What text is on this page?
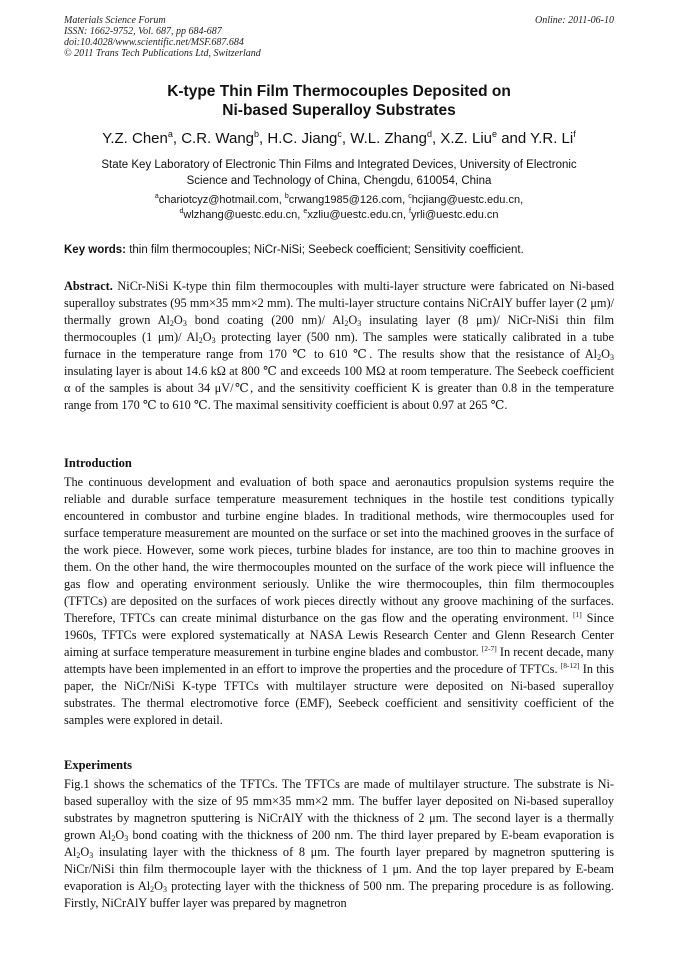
Materials Science Forum
ISSN: 1662-9752, Vol. 687, pp 684-687
doi:10.4028/www.scientific.net/MSF.687.684
© 2011 Trans Tech Publications Ltd, Switzerland
Online: 2011-06-10
K-type Thin Film Thermocouples Deposited on
Ni-based Superalloy Substrates
Y.Z. Chen$^a$, C.R. Wang$^b$, H.C. Jiang$^c$, W.L. Zhang$^d$, X.Z. Liu$^e$ and Y.R. Li$^f$
State Key Laboratory of Electronic Thin Films and Integrated Devices, University of Electronic
Science and Technology of China, Chengdu, 610054, China
$^a$chariotcyz@hotmail.com, $^b$crwang1985@126.com, $^c$hcjiang@uestc.edu.cn,
$^d$wlzhang@uestc.edu.cn, $^e$xzliu@uestc.edu.cn, $^f$yrli@uestc.edu.cn
Key words: thin film thermocouples; NiCr-NiSi; Seebeck coefficient; Sensitivity coefficient.
Abstract. NiCr-NiSi K-type thin film thermocouples with multi-layer structure were fabricated on Ni-based superalloy substrates (95 mm×35 mm×2 mm). The multi-layer structure contains NiCrAlY buffer layer (2 μm)/ thermally grown $Al_2O_3$ bond coating (200 nm)/ $Al_2O_3$ insulating layer (8 μm)/ NiCr-NiSi thin film thermocouples (1 μm)/ $Al_2O_3$ protecting layer (500 nm). The samples were statically calibrated in a tube furnace in the temperature range from 170 ℃ to 610 ℃. The results show that the resistance of $Al_2O_3$ insulating layer is about 14.6 kΩ at 800 ℃ and exceeds 100 MΩ at room temperature. The Seebeck coefficient α of the samples is about 34 μV/℃, and the sensitivity coefficient K is greater than 0.8 in the temperature range from 170 ℃ to 610 ℃. The maximal sensitivity coefficient is about 0.97 at 265 ℃.
Introduction
The continuous development and evaluation of both space and aeronautics propulsion systems require the reliable and durable surface temperature measurement techniques in the hostile test conditions typically encountered in combustor and turbine engine blades. In traditional methods, wire thermocouples used for surface temperature measurement are mounted on the surface or set into the machined grooves in the surface of the work piece. However, some work pieces, turbine blades for instance, are too thin to machine grooves in them. On the other hand, the wire thermocouples mounted on the surface of the work piece will influence the gas flow and operating environment seriously. Unlike the wire thermocouples, thin film thermocouples (TFTCs) are deposited on the surfaces of work pieces directly without any groove machining of the surfaces. Therefore, TFTCs can create minimal disturbance on the gas flow and the operating environment. [1] Since 1960s, TFTCs were explored systematically at NASA Lewis Research Center and Glenn Research Center aiming at surface temperature measurement in turbine engine blades and combustor. [2-7] In recent decade, many attempts have been implemented in an effort to improve the properties and the procedure of TFTCs. [8-12] In this paper, the NiCr/NiSi K-type TFTCs with multilayer structure were deposited on Ni-based superalloy substrates. The thermal electromotive force (EMF), Seebeck coefficient and sensitivity coefficient of the samples were explored in detail.
Experiments
Fig.1 shows the schematics of the TFTCs. The TFTCs are made of multilayer structure. The substrate is Ni-based superalloy with the size of 95 mm×35 mm×2 mm. The buffer layer deposited on Ni-based superalloy substrates by magnetron sputtering is NiCrAlY with the thickness of 2 μm. The second layer is a thermally grown $Al_2O_3$ bond coating with the thickness of 200 nm. The third layer prepared by E-beam evaporation is $Al_2O_3$ insulating layer with the thickness of 8 μm. The fourth layer prepared by magnetron sputtering is NiCr/NiSi thin film thermocouple layer with the thickness of 1 μm. And the top layer prepared by E-beam evaporation is $Al_2O_3$ protecting layer with the thickness of 500 nm. The preparing procedure is as following. Firstly, NiCrAlY buffer layer was prepared by magnetron
